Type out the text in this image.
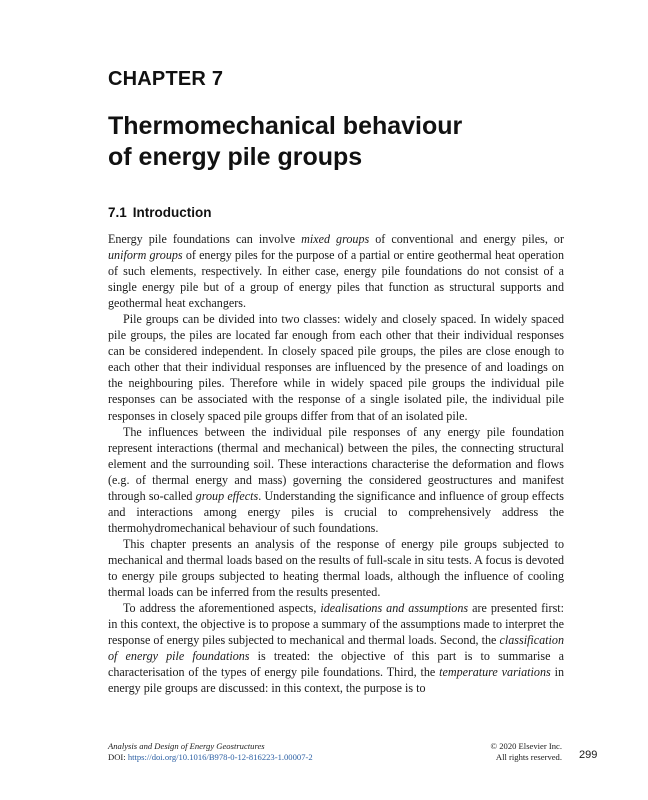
CHAPTER 7
Thermomechanical behaviour
of energy pile groups
7.1 Introduction

Energy pile foundations can involve mixed groups of conventional and energy piles, or uniform groups of energy piles for the purpose of a partial or entire geothermal heat operation of such elements, respectively. In either case, energy pile foundations do not consist of a single energy pile but of a group of energy piles that function as structural supports and geothermal heat exchangers.

Pile groups can be divided into two classes: widely and closely spaced. In widely spaced pile groups, the piles are located far enough from each other that their individual responses can be considered independent. In closely spaced pile groups, the piles are close enough to each other that their individual responses are influenced by the presence of and loadings on the neighbouring piles. Therefore while in widely spaced pile groups the individual pile responses can be associated with the response of a single isolated pile, the individual pile responses in closely spaced pile groups differ from that of an isolated pile.

The influences between the individual pile responses of any energy pile foundation represent interactions (thermal and mechanical) between the piles, the connecting structural element and the surrounding soil. These interactions characterise the deformation and flows (e.g. of thermal energy and mass) governing the considered geostructures and manifest through so-called group effects. Understanding the significance and influence of group effects and interactions among energy piles is crucial to comprehensively address the thermohydromechanical behaviour of such foundations.

This chapter presents an analysis of the response of energy pile groups subjected to mechanical and thermal loads based on the results of full-scale in situ tests. A focus is devoted to energy pile groups subjected to heating thermal loads, although the influence of cooling thermal loads can be inferred from the results presented.

To address the aforementioned aspects, idealisations and assumptions are presented first: in this context, the objective is to propose a summary of the assumptions made to interpret the response of energy piles subjected to mechanical and thermal loads. Second, the classification of energy pile foundations is treated: the objective of this part is to summarise a characterisation of the types of energy pile foundations. Third, the temperature variations in energy pile groups are discussed: in this context, the purpose is to

Analysis and Design of Energy Geostructures
DOI: https://doi.org/10.1016/B978-0-12-816223-1.00007-2
© 2020 Elsevier Inc.
All rights reserved. 299
